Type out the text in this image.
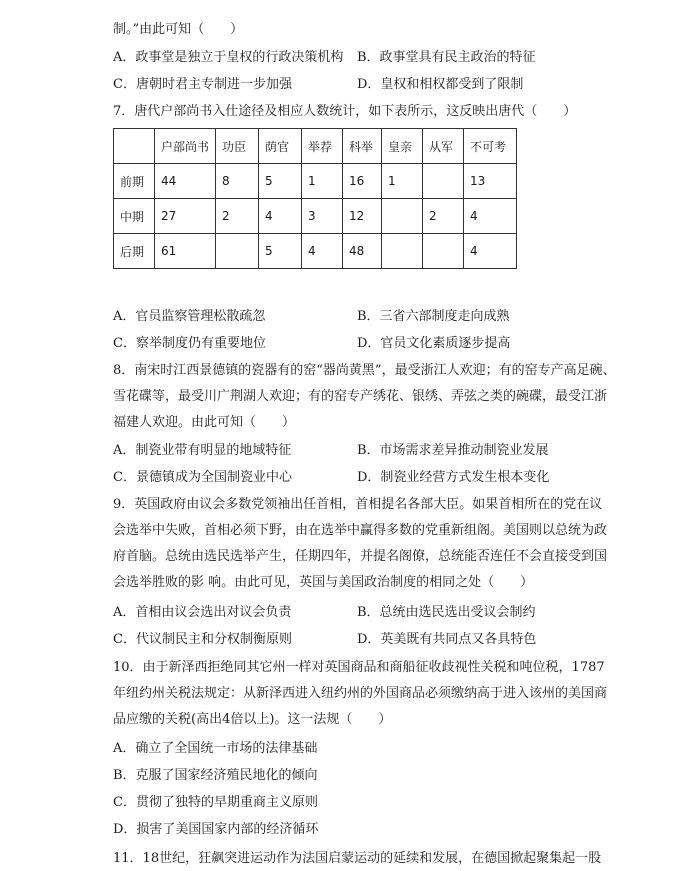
制。”由此可知（　　）
A．政事堂是独立于皇权的行政决策机构 B．政事堂具有民主政治的特征
C．唐朝时君主专制进一步加强	D．皇权和相权都受到了限制
7．唐代户部尚书入仕途径及相应人数统计，如下表所示，这反映出唐代（　　）
	户部尚书	功臣	荫官	举荐	科举	皇亲	从军	不可考
前期	44	8	5	1	16	1		13
中期	27	2	4	3	12		2	4
后期	61		5	4	48			4
A．官员监察管理松散疏忽	B．三省六部制度走向成熟
C．察举制度仍有重要地位	D．官员文化素质逐步提高
8．南宋时江西景德镇的瓷器有的窑“器尚黄黑”，最受浙江人欢迎；有的窑专产高足碗、
雪花碟等，最受川广荆湖人欢迎；有的窑专产绣花、银绣、弄弦之类的碗碟，最受江浙
福建人欢迎。由此可知（　　）
A．制瓷业带有明显的地域特征	B．市场需求差异推动制瓷业发展
C．景德镇成为全国制瓷业中心	D．制瓷业经营方式发生根本变化
9．英国政府由议会多数党领袖出任首相，首相提名各部大臣。如果首相所在的党在议
会选举中失败，首相必须下野，由在选举中赢得多数的党重新组阁。美国则以总统为政
府首脑。总统由选民选举产生，任期四年，并提名阁僚，总统能否连任不会直接受到国
会选举胜败的影 响。由此可见，英国与美国政治制度的相同之处（　　）
A．首相由议会选出对议会负责	B．总统由选民选出受议会制约
C．代议制民主和分权制衡原则	D．英美既有共同点又各具特色
10．由于新泽西拒绝同其它州一样对英国商品和商船征收歧视性关税和吨位税，1787
年纽约州关税法规定：从新泽西进入纽约州的外国商品必须缴纳高于进入该州的美国商
品应缴的关税(高出4倍以上)。这一法规（　　）
A．确立了全国统一市场的法律基础
B．克服了国家经济殖民地化的倾向
C．贯彻了独特的早期重商主义原则
D．损害了美国国家内部的经济循环
11．18世纪，狂飙突进运动作为法国启蒙运动的延续和发展，在德国掀起聚集起一股
